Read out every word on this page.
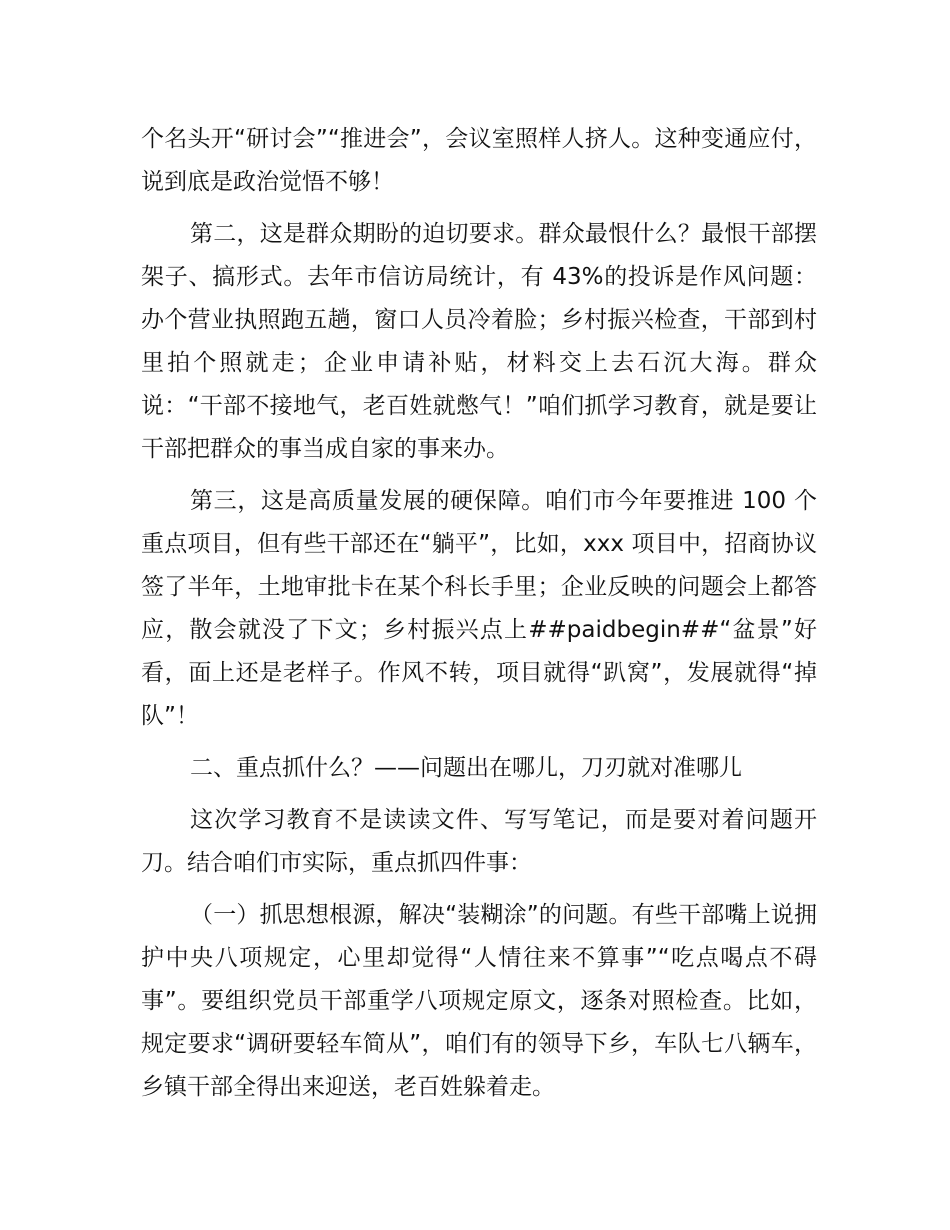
个名头开“研讨会”“推进会”，会议室照样人挤人。这种变通应付，说到底是政治觉悟不够！

第二，这是群众期盼的迫切要求。群众最恨什么？最恨干部摆架子、搞形式。去年市信访局统计，有 43%的投诉是作风问题：办个营业执照跑五趟，窗口人员冷着脸；乡村振兴检查，干部到村里拍个照就走；企业申请补贴，材料交上去石沉大海。群众说：“干部不接地气，老百姓就憋气！”咱们抓学习教育，就是要让干部把群众的事当成自家的事来办。

第三，这是高质量发展的硬保障。咱们市今年要推进 100 个重点项目，但有些干部还在“躺平”，比如，xxx 项目中，招商协议签了半年，土地审批卡在某个科长手里；企业反映的问题会上都答应，散会就没了下文；乡村振兴点上##paidbegin##“盆景”好看，面上还是老样子。作风不转，项目就得“趴窝”，发展就得“掉队”！

二、重点抓什么？——问题出在哪儿，刀刃就对准哪儿

这次学习教育不是读读文件、写写笔记，而是要对着问题开刀。结合咱们市实际，重点抓四件事：

（一）抓思想根源，解决“装糊涂”的问题。有些干部嘴上说拥护中央八项规定，心里却觉得“人情往来不算事”“吃点喝点不碍事”。要组织党员干部重学八项规定原文，逐条对照检查。比如，规定要求“调研要轻车简从”，咱们有的领导下乡，车队七八辆车，乡镇干部全得出来迎送，老百姓躲着走。
